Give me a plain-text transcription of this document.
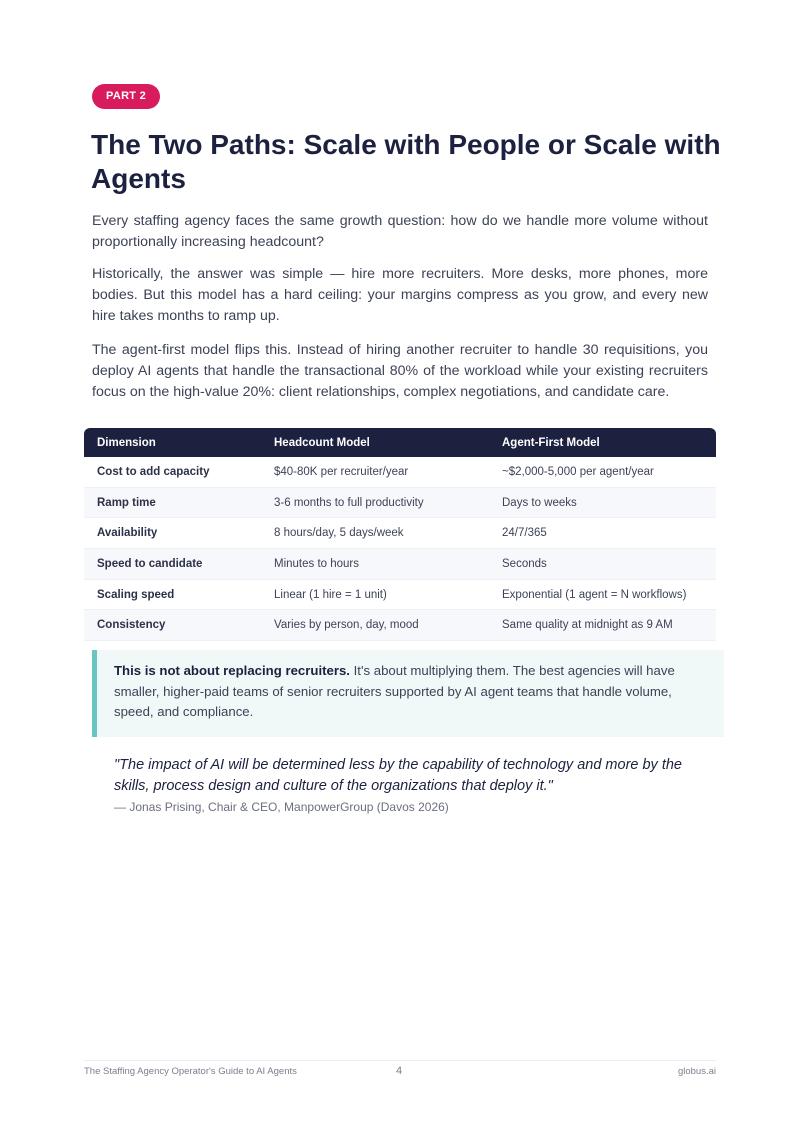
PART 2
The Two Paths: Scale with People or Scale with Agents

Every staffing agency faces the same growth question: how do we handle more volume without proportionally increasing headcount?

Historically, the answer was simple — hire more recruiters. More desks, more phones, more bodies. But this model has a hard ceiling: your margins compress as you grow, and every new hire takes months to ramp up.

The agent-first model flips this. Instead of hiring another recruiter to handle 30 requisitions, you deploy AI agents that handle the transactional 80% of the workload while your existing recruiters focus on the high-value 20%: client relationships, complex negotiations, and candidate care.

Dimension	Headcount Model	Agent-First Model
Cost to add capacity	$40-80K per recruiter/year	~$2,000-5,000 per agent/year
Ramp time	3-6 months to full productivity	Days to weeks
Availability	8 hours/day, 5 days/week	24/7/365
Speed to candidate	Minutes to hours	Seconds
Scaling speed	Linear (1 hire = 1 unit)	Exponential (1 agent = N workflows)
Consistency	Varies by person, day, mood	Same quality at midnight as 9 AM
This is not about replacing recruiters. It's about multiplying them. The best agencies will have smaller, higher-paid teams of senior recruiters supported by AI agent teams that handle volume, speed, and compliance.

"The impact of AI will be determined less by the capability of technology and more by the skills, process design and culture of the organizations that deploy it."

— Jonas Prising, Chair & CEO, ManpowerGroup (Davos 2026)
The Staffing Agency Operator's Guide to AI Agents	4	globus.ai
